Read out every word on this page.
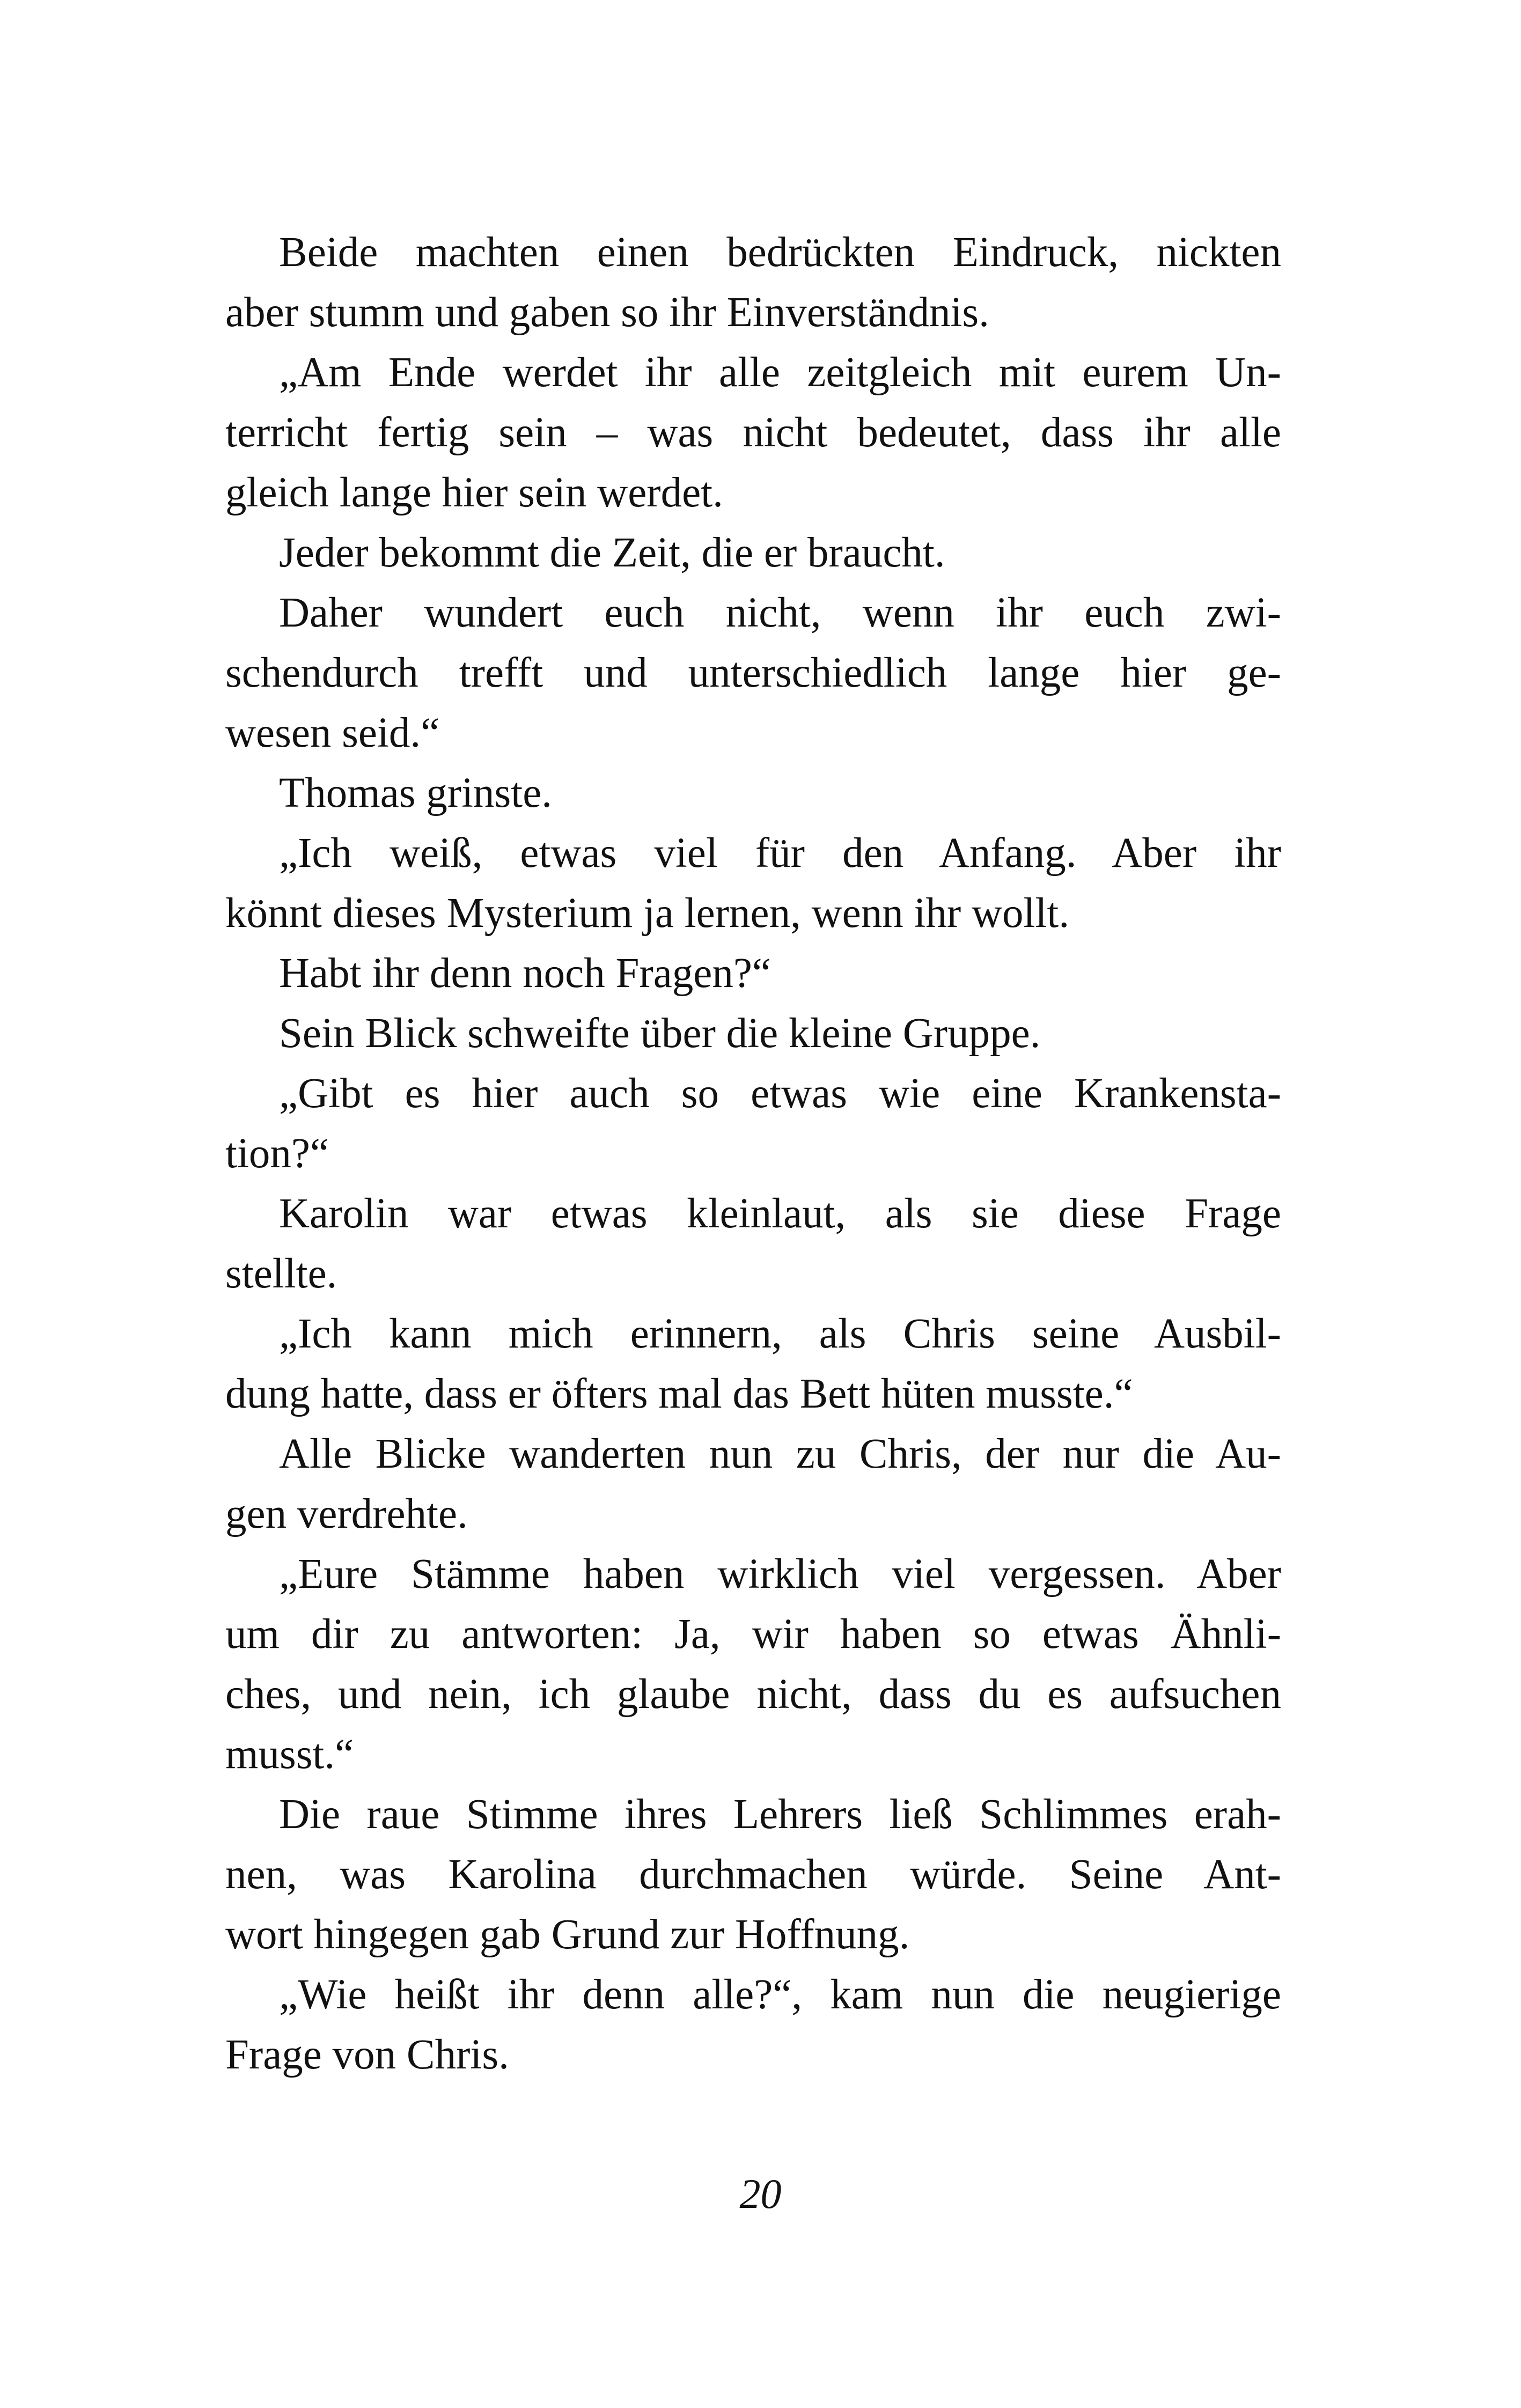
Beide machten einen bedrückten Eindruck, nickten
aber stumm und gaben so ihr Einverständnis.
„Am Ende werdet ihr alle zeitgleich mit eurem Un-
terricht fertig sein – was nicht bedeutet, dass ihr alle
gleich lange hier sein werdet.
Jeder bekommt die Zeit, die er braucht.
Daher wundert euch nicht, wenn ihr euch zwi-
schendurch trefft und unterschiedlich lange hier ge-
wesen seid.“
Thomas grinste.
„Ich weiß, etwas viel für den Anfang. Aber ihr
könnt dieses Mysterium ja lernen, wenn ihr wollt.
Habt ihr denn noch Fragen?“
Sein Blick schweifte über die kleine Gruppe.
„Gibt es hier auch so etwas wie eine Krankensta-
tion?“
Karolin war etwas kleinlaut, als sie diese Frage
stellte.
„Ich kann mich erinnern, als Chris seine Ausbil-
dung hatte, dass er öfters mal das Bett hüten musste.“
Alle Blicke wanderten nun zu Chris, der nur die Au-
gen verdrehte.
„Eure Stämme haben wirklich viel vergessen. Aber
um dir zu antworten: Ja, wir haben so etwas Ähnli-
ches, und nein, ich glaube nicht, dass du es aufsuchen
musst.“
Die raue Stimme ihres Lehrers ließ Schlimmes erah-
nen, was Karolina durchmachen würde. Seine Ant-
wort hingegen gab Grund zur Hoffnung.
„Wie heißt ihr denn alle?“, kam nun die neugierige
Frage von Chris.
20
